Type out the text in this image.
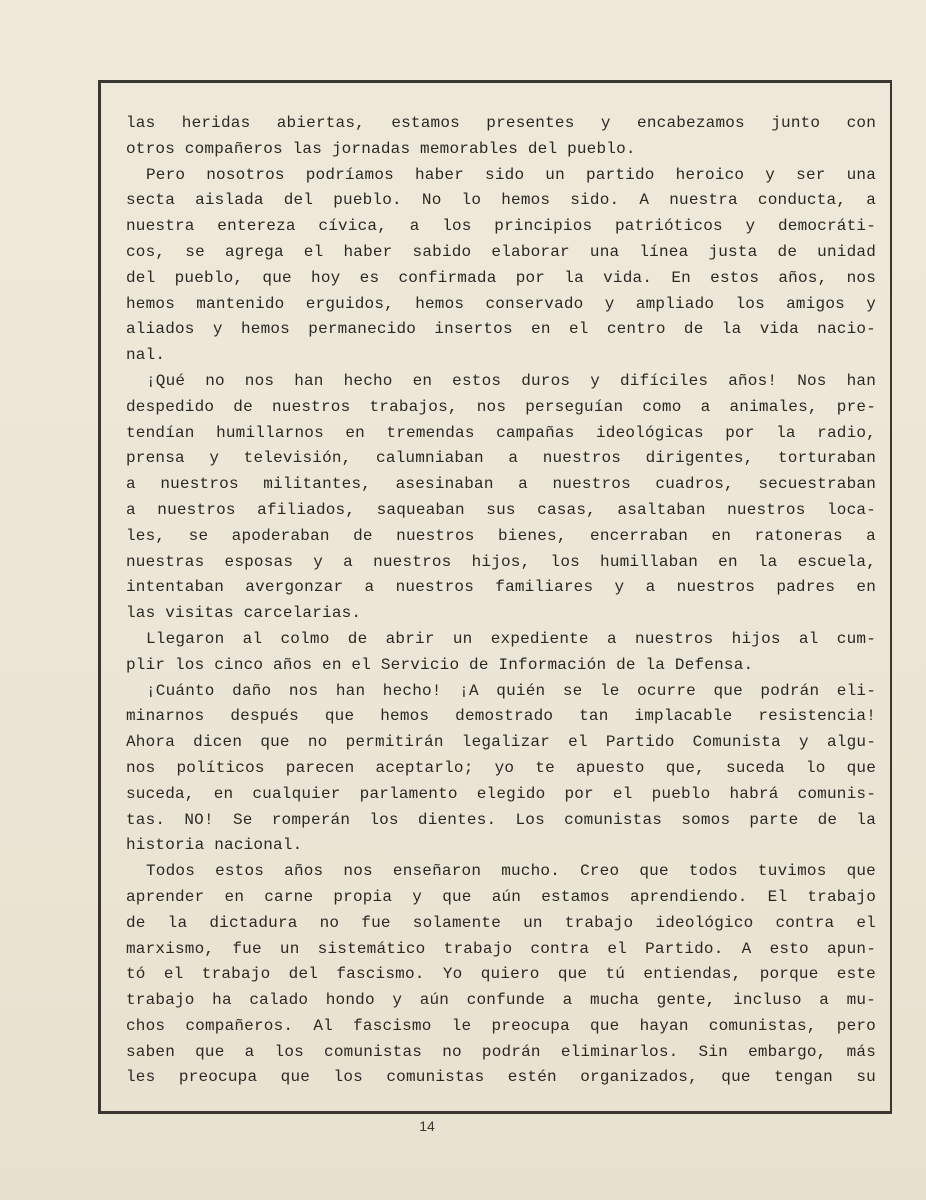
las heridas abiertas, estamos presentes y encabezamos junto con
otros compañeros las jornadas memorables del pueblo.
Pero nosotros podríamos haber sido un partido heroico y ser una
secta aislada del pueblo. No lo hemos sido. A nuestra conducta, a
nuestra entereza cívica, a los principios patrióticos y democráti-
cos, se agrega el haber sabido elaborar una línea justa de unidad
del pueblo, que hoy es confirmada por la vida. En estos años, nos
hemos mantenido erguidos, hemos conservado y ampliado los amigos y
aliados y hemos permanecido insertos en el centro de la vida nacio-
nal.
¡Qué no nos han hecho en estos duros y difíciles años! Nos han
despedido de nuestros trabajos, nos perseguían como a animales, pre-
tendían humillarnos en tremendas campañas ideológicas por la radio,
prensa y televisión, calumniaban a nuestros dirigentes, torturaban
a nuestros militantes, asesinaban a nuestros cuadros, secuestraban
a nuestros afiliados, saqueaban sus casas, asaltaban nuestros loca-
les, se apoderaban de nuestros bienes, encerraban en ratoneras a
nuestras esposas y a nuestros hijos, los humillaban en la escuela,
intentaban avergonzar a nuestros familiares y a nuestros padres en
las visitas carcelarias.
Llegaron al colmo de abrir un expediente a nuestros hijos al cum-
plir los cinco años en el Servicio de Información de la Defensa.
¡Cuánto daño nos han hecho! ¡A quién se le ocurre que podrán eli-
minarnos después que hemos demostrado tan implacable resistencia!
Ahora dicen que no permitirán legalizar el Partido Comunista y algu-
nos políticos parecen aceptarlo; yo te apuesto que, suceda lo que
suceda, en cualquier parlamento elegido por el pueblo habrá comunis-
tas. NO! Se romperán los dientes. Los comunistas somos parte de la
historia nacional.
Todos estos años nos enseñaron mucho. Creo que todos tuvimos que
aprender en carne propia y que aún estamos aprendiendo. El trabajo
de la dictadura no fue solamente un trabajo ideológico contra el
marxismo, fue un sistemático trabajo contra el Partido. A esto apun-
tó el trabajo del fascismo. Yo quiero que tú entiendas, porque este
trabajo ha calado hondo y aún confunde a mucha gente, incluso a mu-
chos compañeros. Al fascismo le preocupa que hayan comunistas, pero
saben que a los comunistas no podrán eliminarlos. Sin embargo, más
les preocupa que los comunistas estén organizados, que tengan su
14
